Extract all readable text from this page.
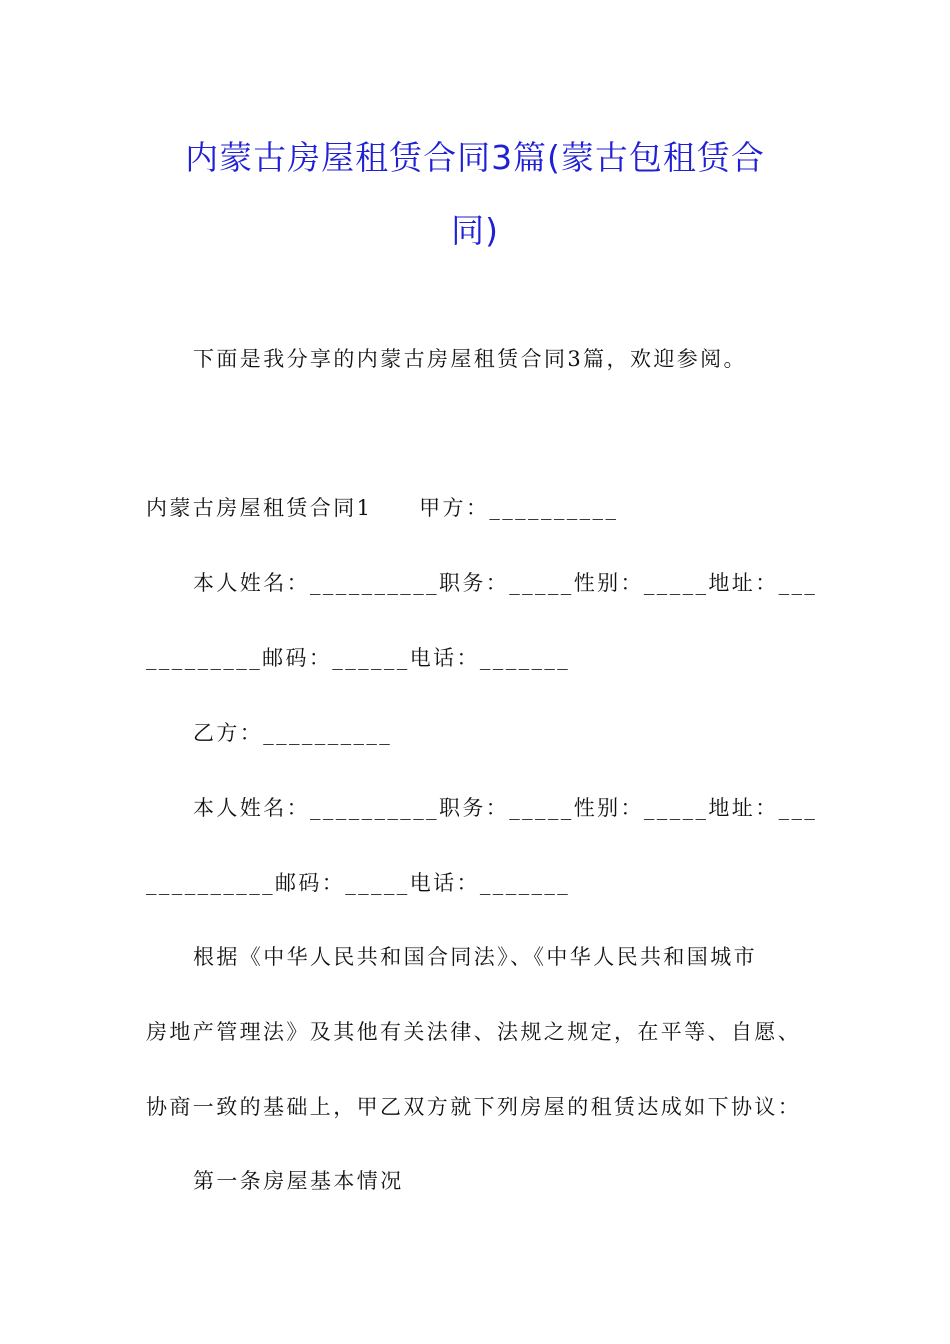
内蒙古房屋租赁合同3篇(蒙古包租赁合
同)
下面是我分享的内蒙古房屋租赁合同3篇，欢迎参阅。
内蒙古房屋租赁合同1　　甲方：__________
本人姓名：__________职务：_____性别：_____地址：___
_________邮码：______电话：_______
乙方：__________
本人姓名：__________职务：_____性别：_____地址：___
__________邮码：_____电话：_______
根据《中华人民共和国合同法》、《中华人民共和国城市
房地产管理法》及其他有关法律、法规之规定，在平等、自愿、
协商一致的基础上，甲乙双方就下列房屋的租赁达成如下协议：
第一条房屋基本情况
